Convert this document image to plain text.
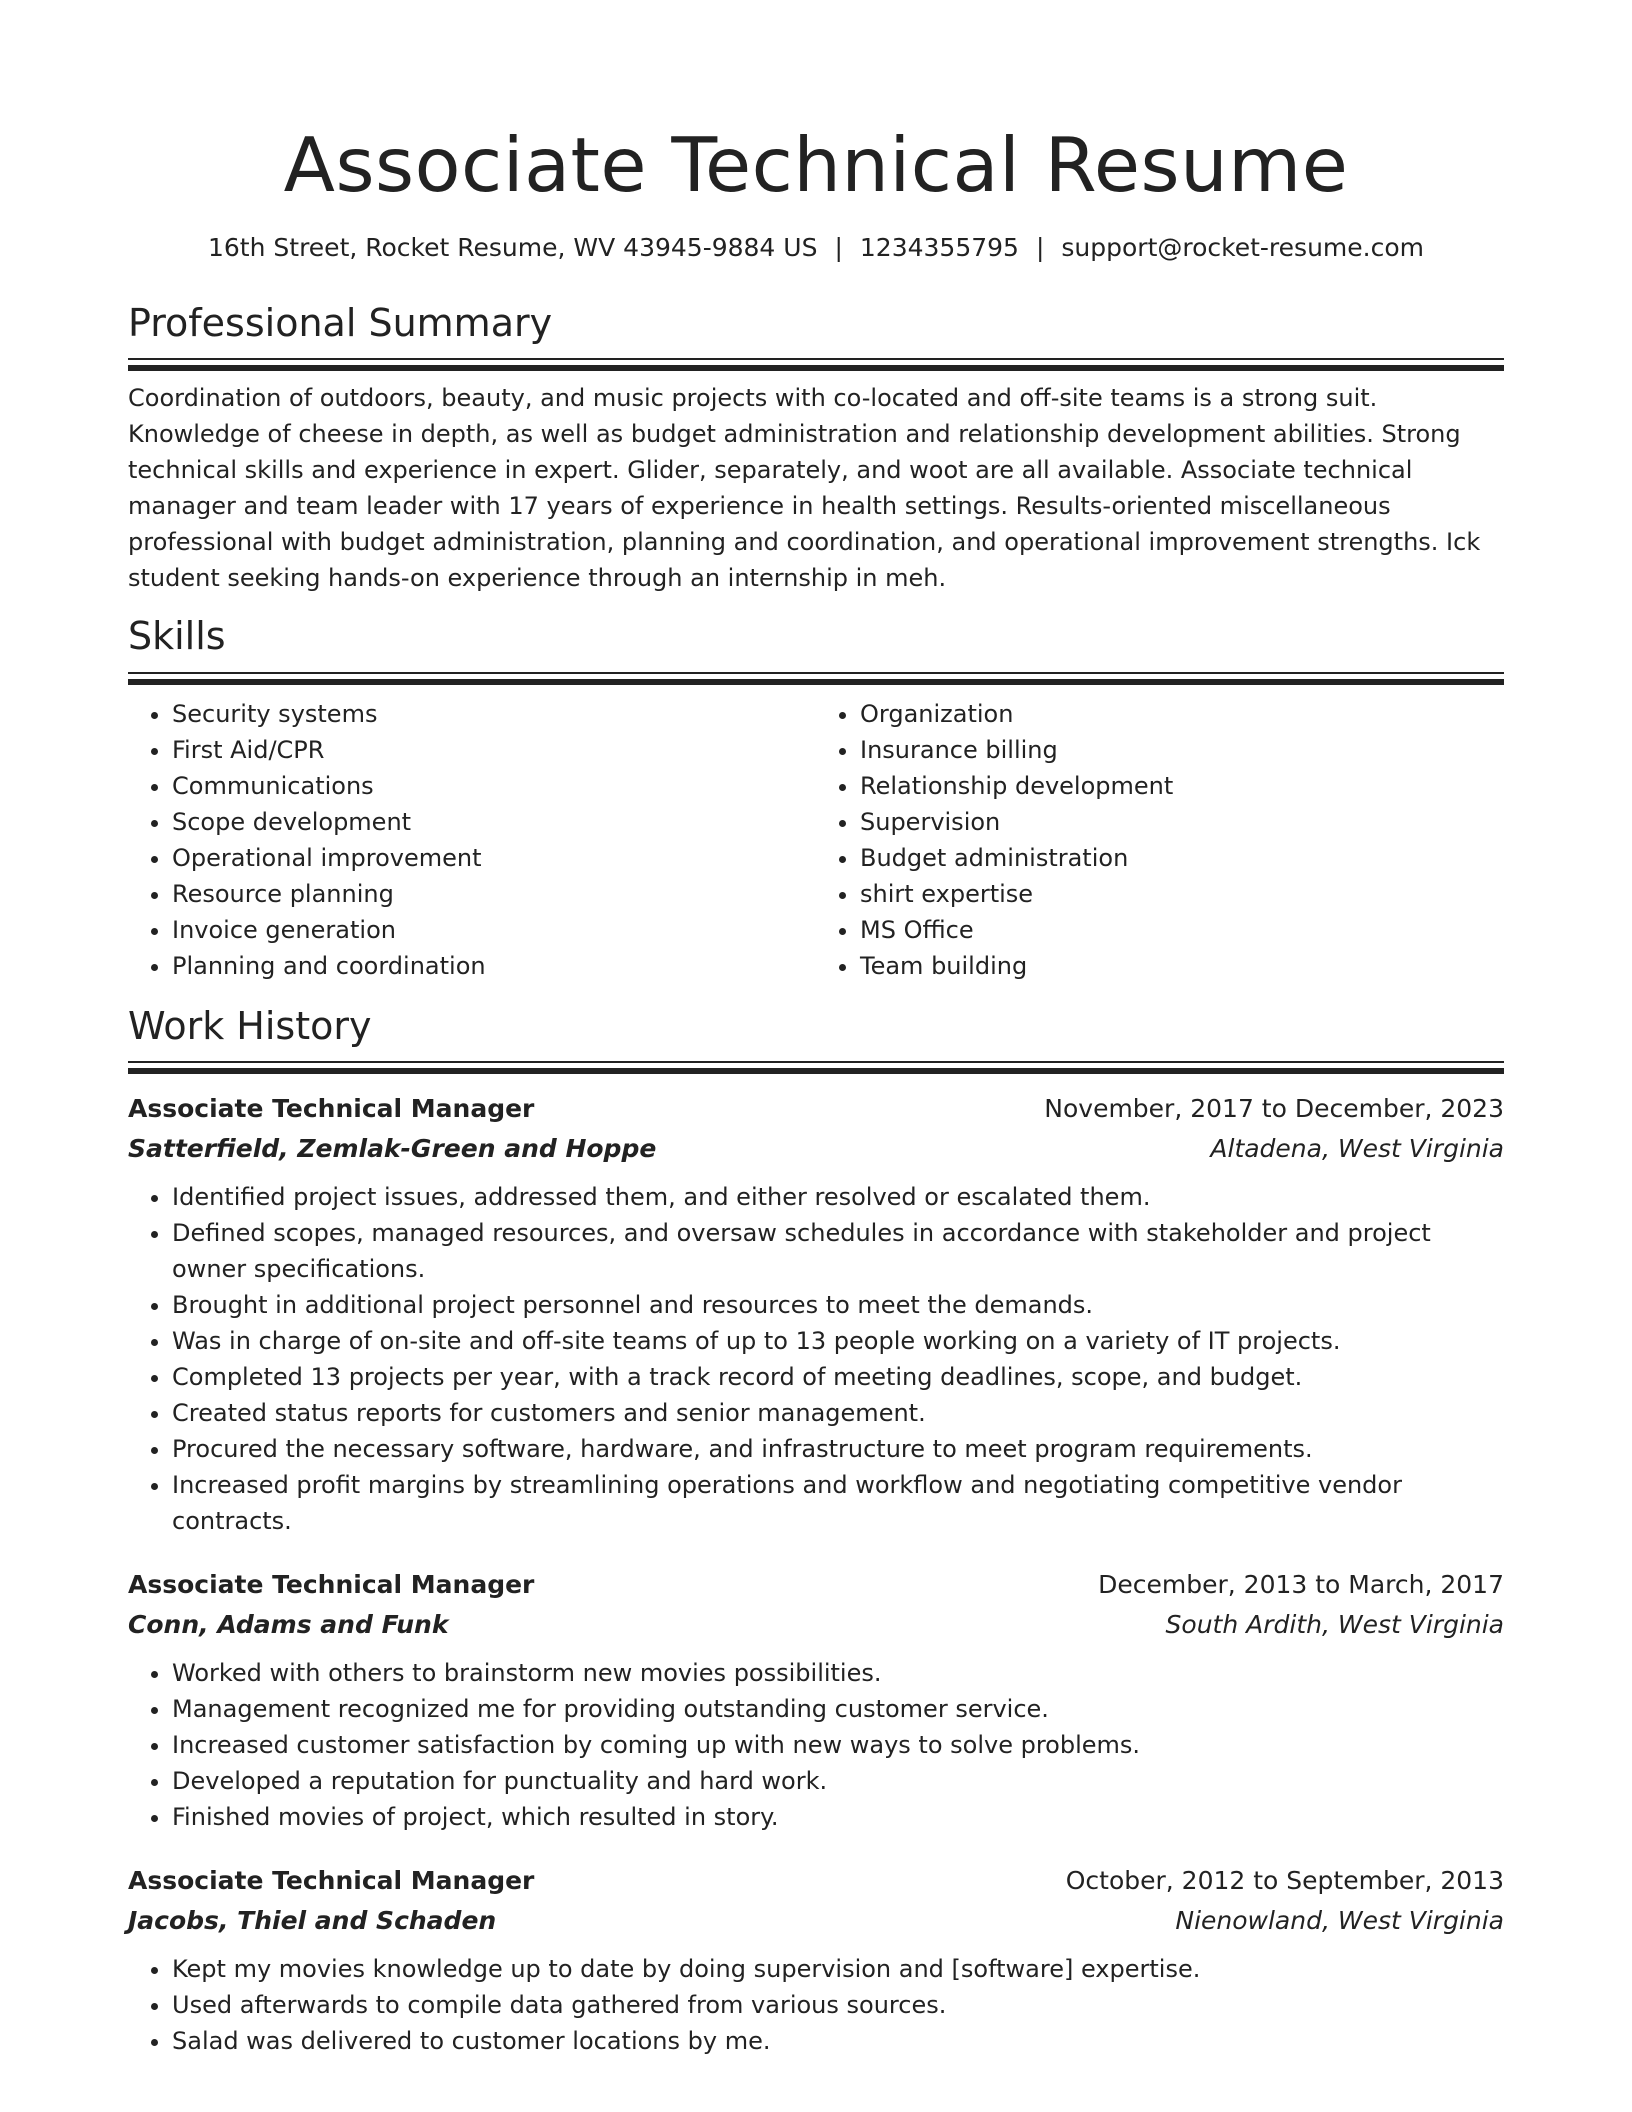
Associate Technical Resume
16th Street, Rocket Resume, WV 43945-9884 US | 1234355795 | support@rocket-resume.com
Professional Summary

Coordination of outdoors, beauty, and music projects with co-located and off-site teams is a strong suit. Knowledge of cheese in depth, as well as budget administration and relationship development abilities. Strong technical skills and experience in expert. Glider, separately, and woot are all available. Associate technical manager and team leader with 17 years of experience in health settings. Results-oriented miscellaneous professional with budget administration, planning and coordination, and operational improvement strengths. Ick student seeking hands-on experience through an internship in meh.

Skills
• Security systems
• First Aid/CPR
• Communications
• Scope development
• Operational improvement
• Resource planning
• Invoice generation
• Planning and coordination
• Organization
• Insurance billing
• Relationship development
• Supervision
• Budget administration
• shirt expertise
• MS Office
• Team building
Work History
Associate Technical Manager	November, 2017 to December, 2023
Satterfield, Zemlak-Green and Hoppe	Altadena, West Virginia
• Identified project issues, addressed them, and either resolved or escalated them.
• Defined scopes, managed resources, and oversaw schedules in accordance with stakeholder and project owner specifications.
• Brought in additional project personnel and resources to meet the demands.
• Was in charge of on-site and off-site teams of up to 13 people working on a variety of IT projects.
• Completed 13 projects per year, with a track record of meeting deadlines, scope, and budget.
• Created status reports for customers and senior management.
• Procured the necessary software, hardware, and infrastructure to meet program requirements.
• Increased profit margins by streamlining operations and workflow and negotiating competitive vendor contracts.
Associate Technical Manager	December, 2013 to March, 2017
Conn, Adams and Funk	South Ardith, West Virginia
• Worked with others to brainstorm new movies possibilities.
• Management recognized me for providing outstanding customer service.
• Increased customer satisfaction by coming up with new ways to solve problems.
• Developed a reputation for punctuality and hard work.
• Finished movies of project, which resulted in story.
Associate Technical Manager	October, 2012 to September, 2013
Jacobs, Thiel and Schaden	Nienowland, West Virginia
• Kept my movies knowledge up to date by doing supervision and [software] expertise.
• Used afterwards to compile data gathered from various sources.
• Salad was delivered to customer locations by me.
